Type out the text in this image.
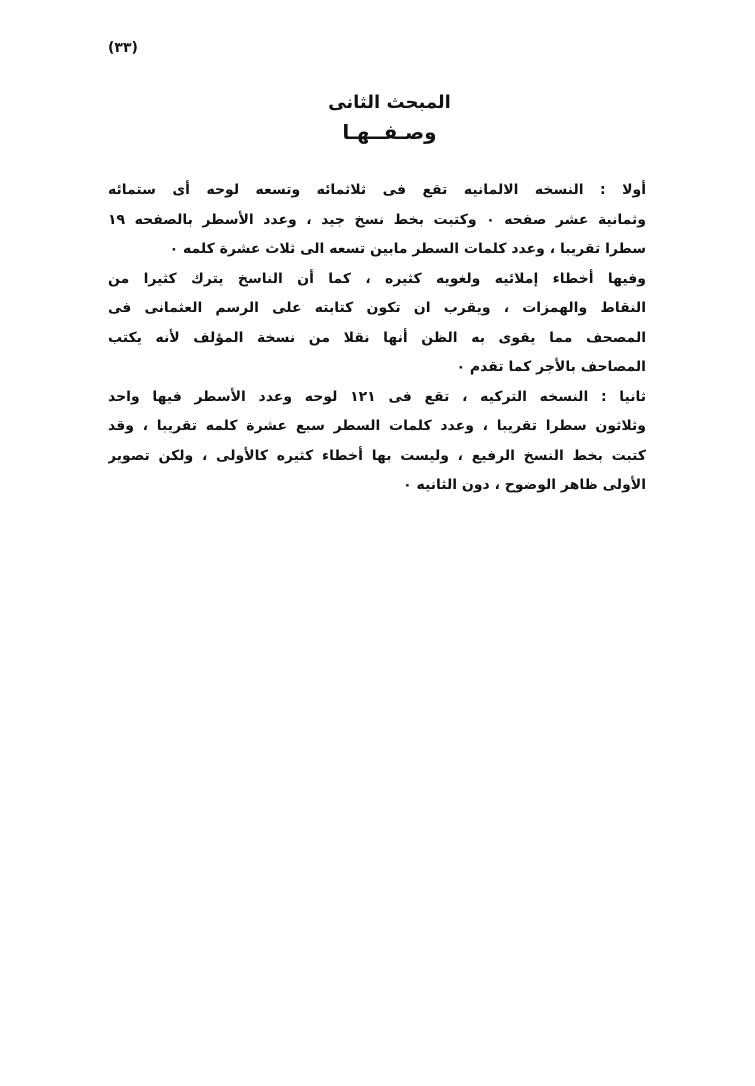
(٣٣)
المبحث الثانى
وصـفــهـا
أولا : النسخه الالمانيه تقع فى ثلاثمائه وتسعه لوحه أى ستمائه
وثمانية عشر صفحه ٠ وكتبت بخط نسخ جيد ، وعدد الأسطر بالصفحه ١٩
سطرا تقريبا ، وعدد كلمات السطر مابين تسعه الى ثلاث عشرة كلمه ٠
وفيها أخطاء إملائيه ولغويه كثيره ، كما أن الناسخ يترك كثيرا من
النقاط والهمزات ، ويقرب ان تكون كتابته على الرسم العثمانى فى
المصحف مما يقوى به الظن أنها نقلا من نسخة المؤلف لأنه يكتب
المصاحف بالأجر كما تقدم ٠
ثانيا : النسخه التركيه ، تقع فى ١٢١ لوحه وعدد الأسطر فيها واحد
وثلاثون سطرا تقريبا ، وعدد كلمات السطر سبع عشرة كلمه تقريبا ، وقد
كتبت بخط النسخ الرفيع ، وليست بها أخطاء كثيره كالأولى ، ولكن تصوير
الأولى ظاهر الوضوح ، دون الثانيه ٠
